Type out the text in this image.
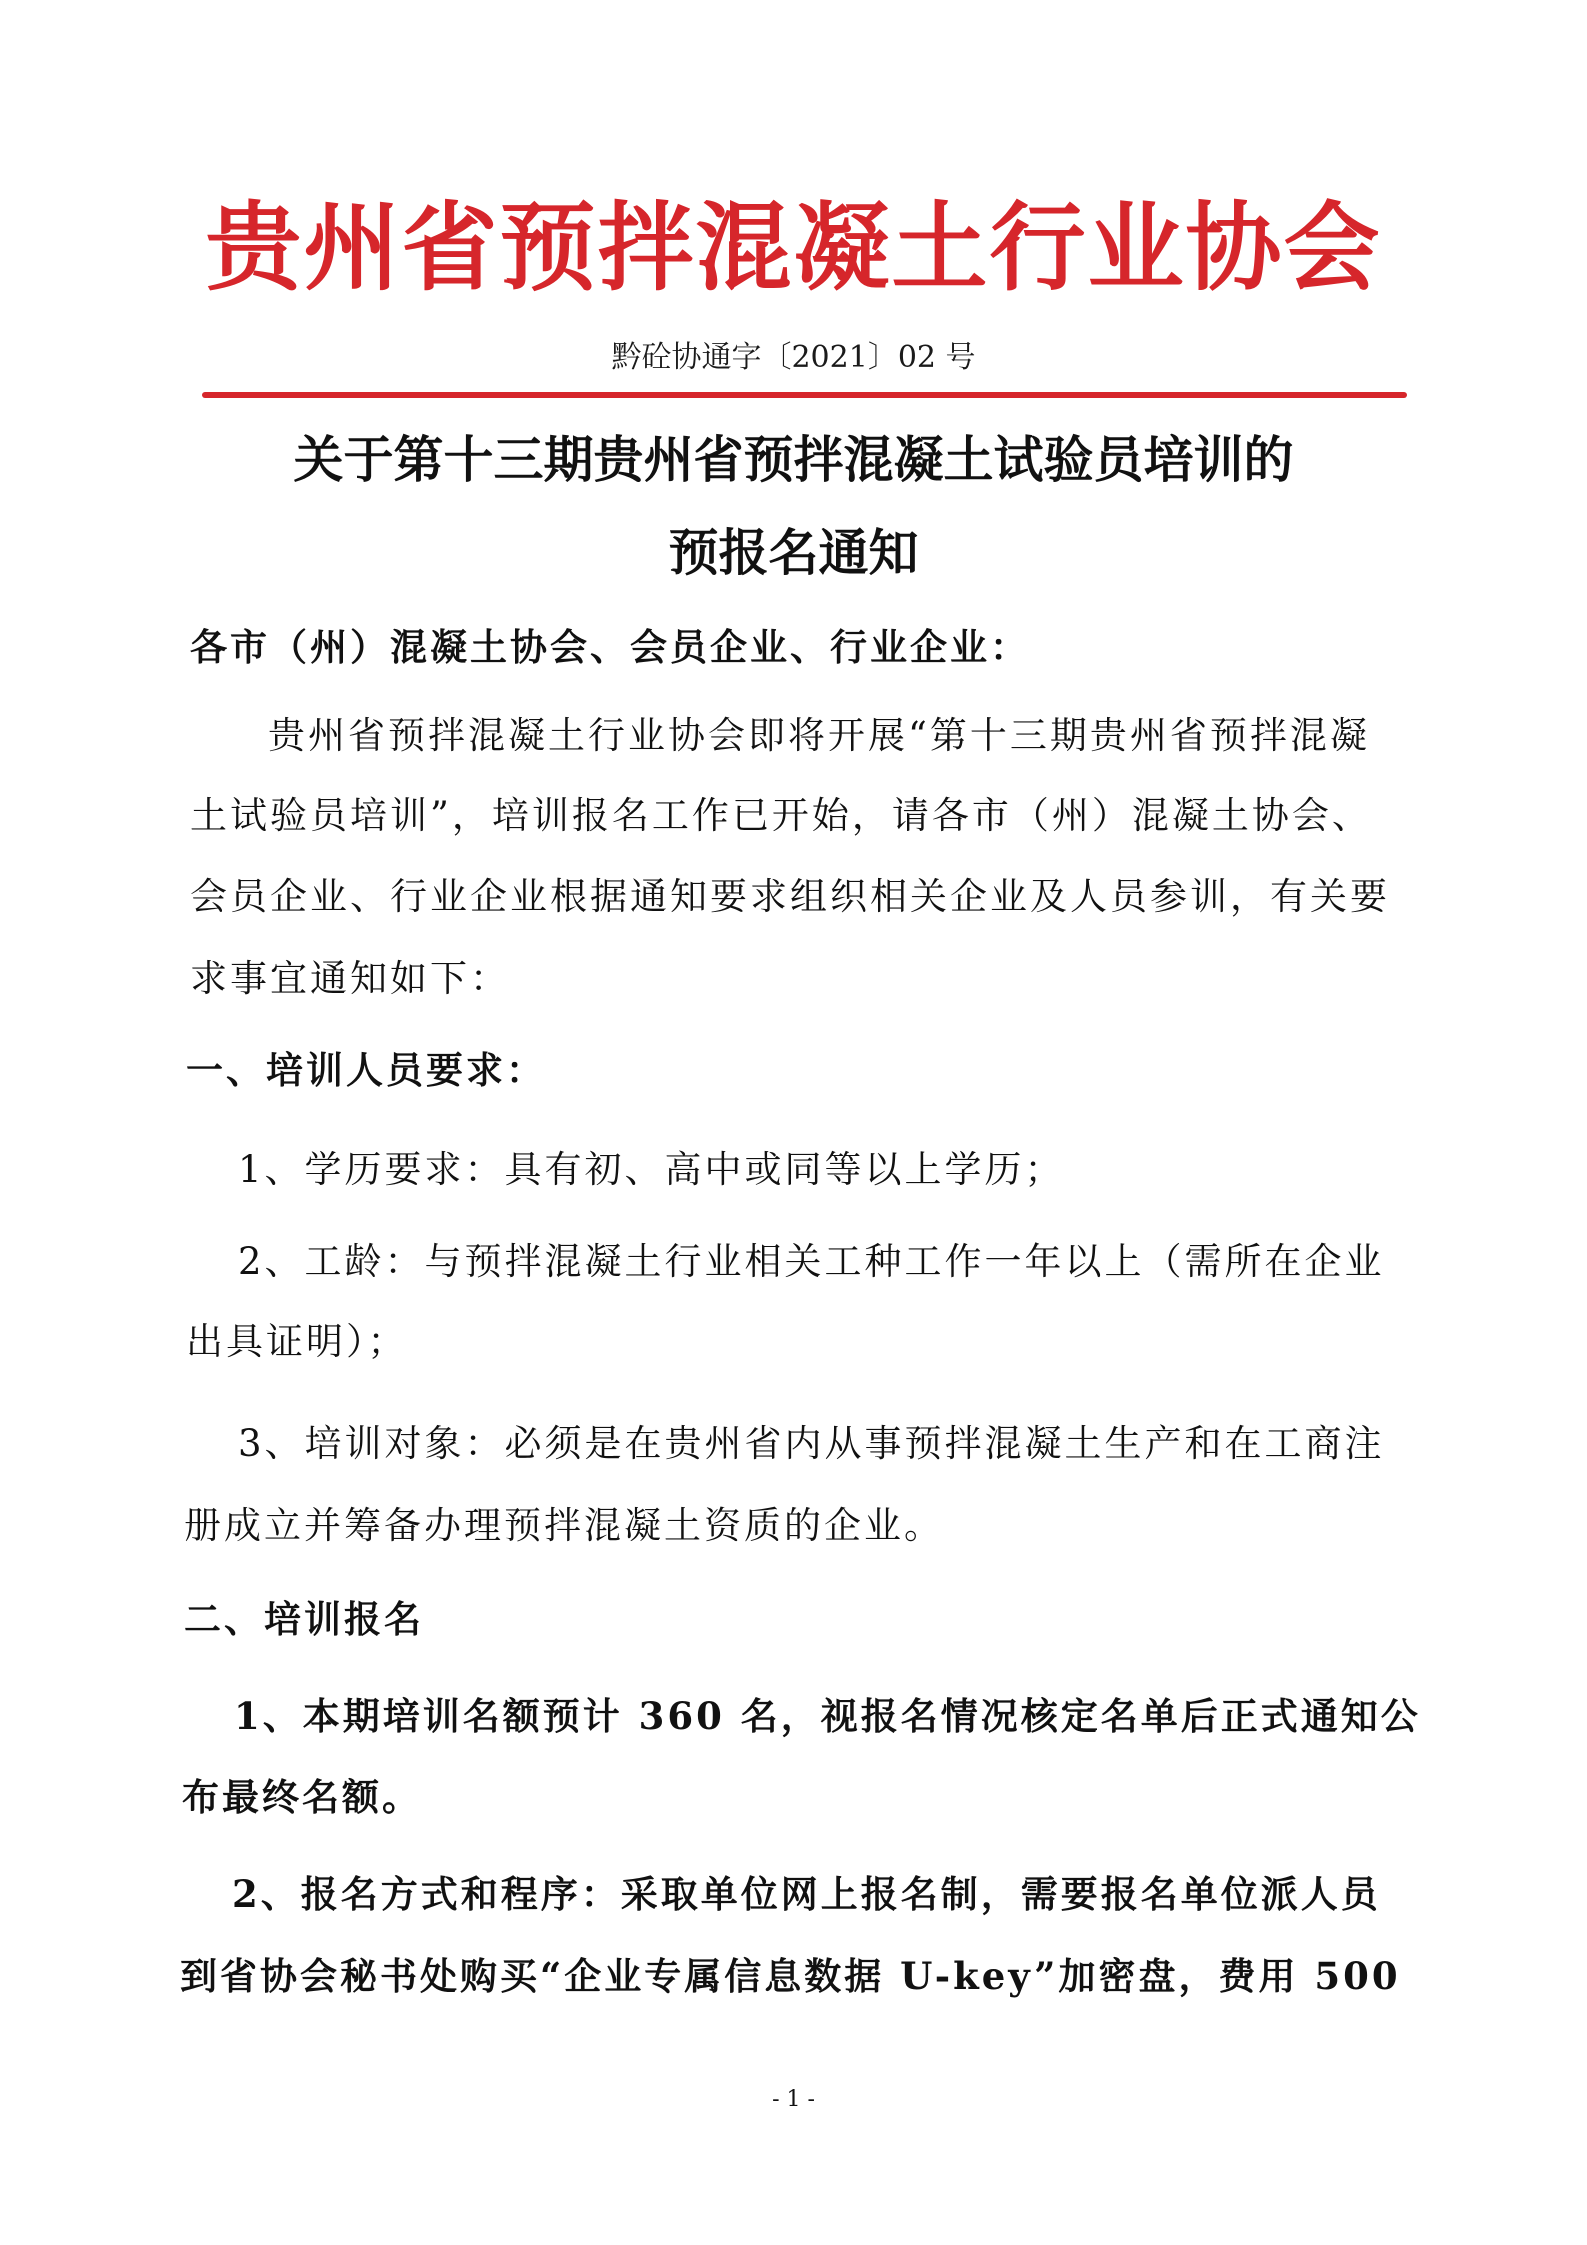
贵州省预拌混凝土行业协会
黔砼协通字〔2021〕02 号
关于第十三期贵州省预拌混凝土试验员培训的
预报名通知
各市（州）混凝土协会、会员企业、行业企业：
贵州省预拌混凝土行业协会即将开展“第十三期贵州省预拌混凝
土试验员培训”，培训报名工作已开始，请各市（州）混凝土协会、
会员企业、行业企业根据通知要求组织相关企业及人员参训，有关要
求事宜通知如下：
一、培训人员要求：
1、学历要求：具有初、高中或同等以上学历；
2、工龄：与预拌混凝土行业相关工种工作一年以上（需所在企业
出具证明）；
3、培训对象：必须是在贵州省内从事预拌混凝土生产和在工商注
册成立并筹备办理预拌混凝土资质的企业。
二、培训报名
1、本期培训名额预计 360 名，视报名情况核定名单后正式通知公
布最终名额。
2、报名方式和程序：采取单位网上报名制，需要报名单位派人员
到省协会秘书处购买“企业专属信息数据 U-key”加密盘，费用 500
- 1 -
